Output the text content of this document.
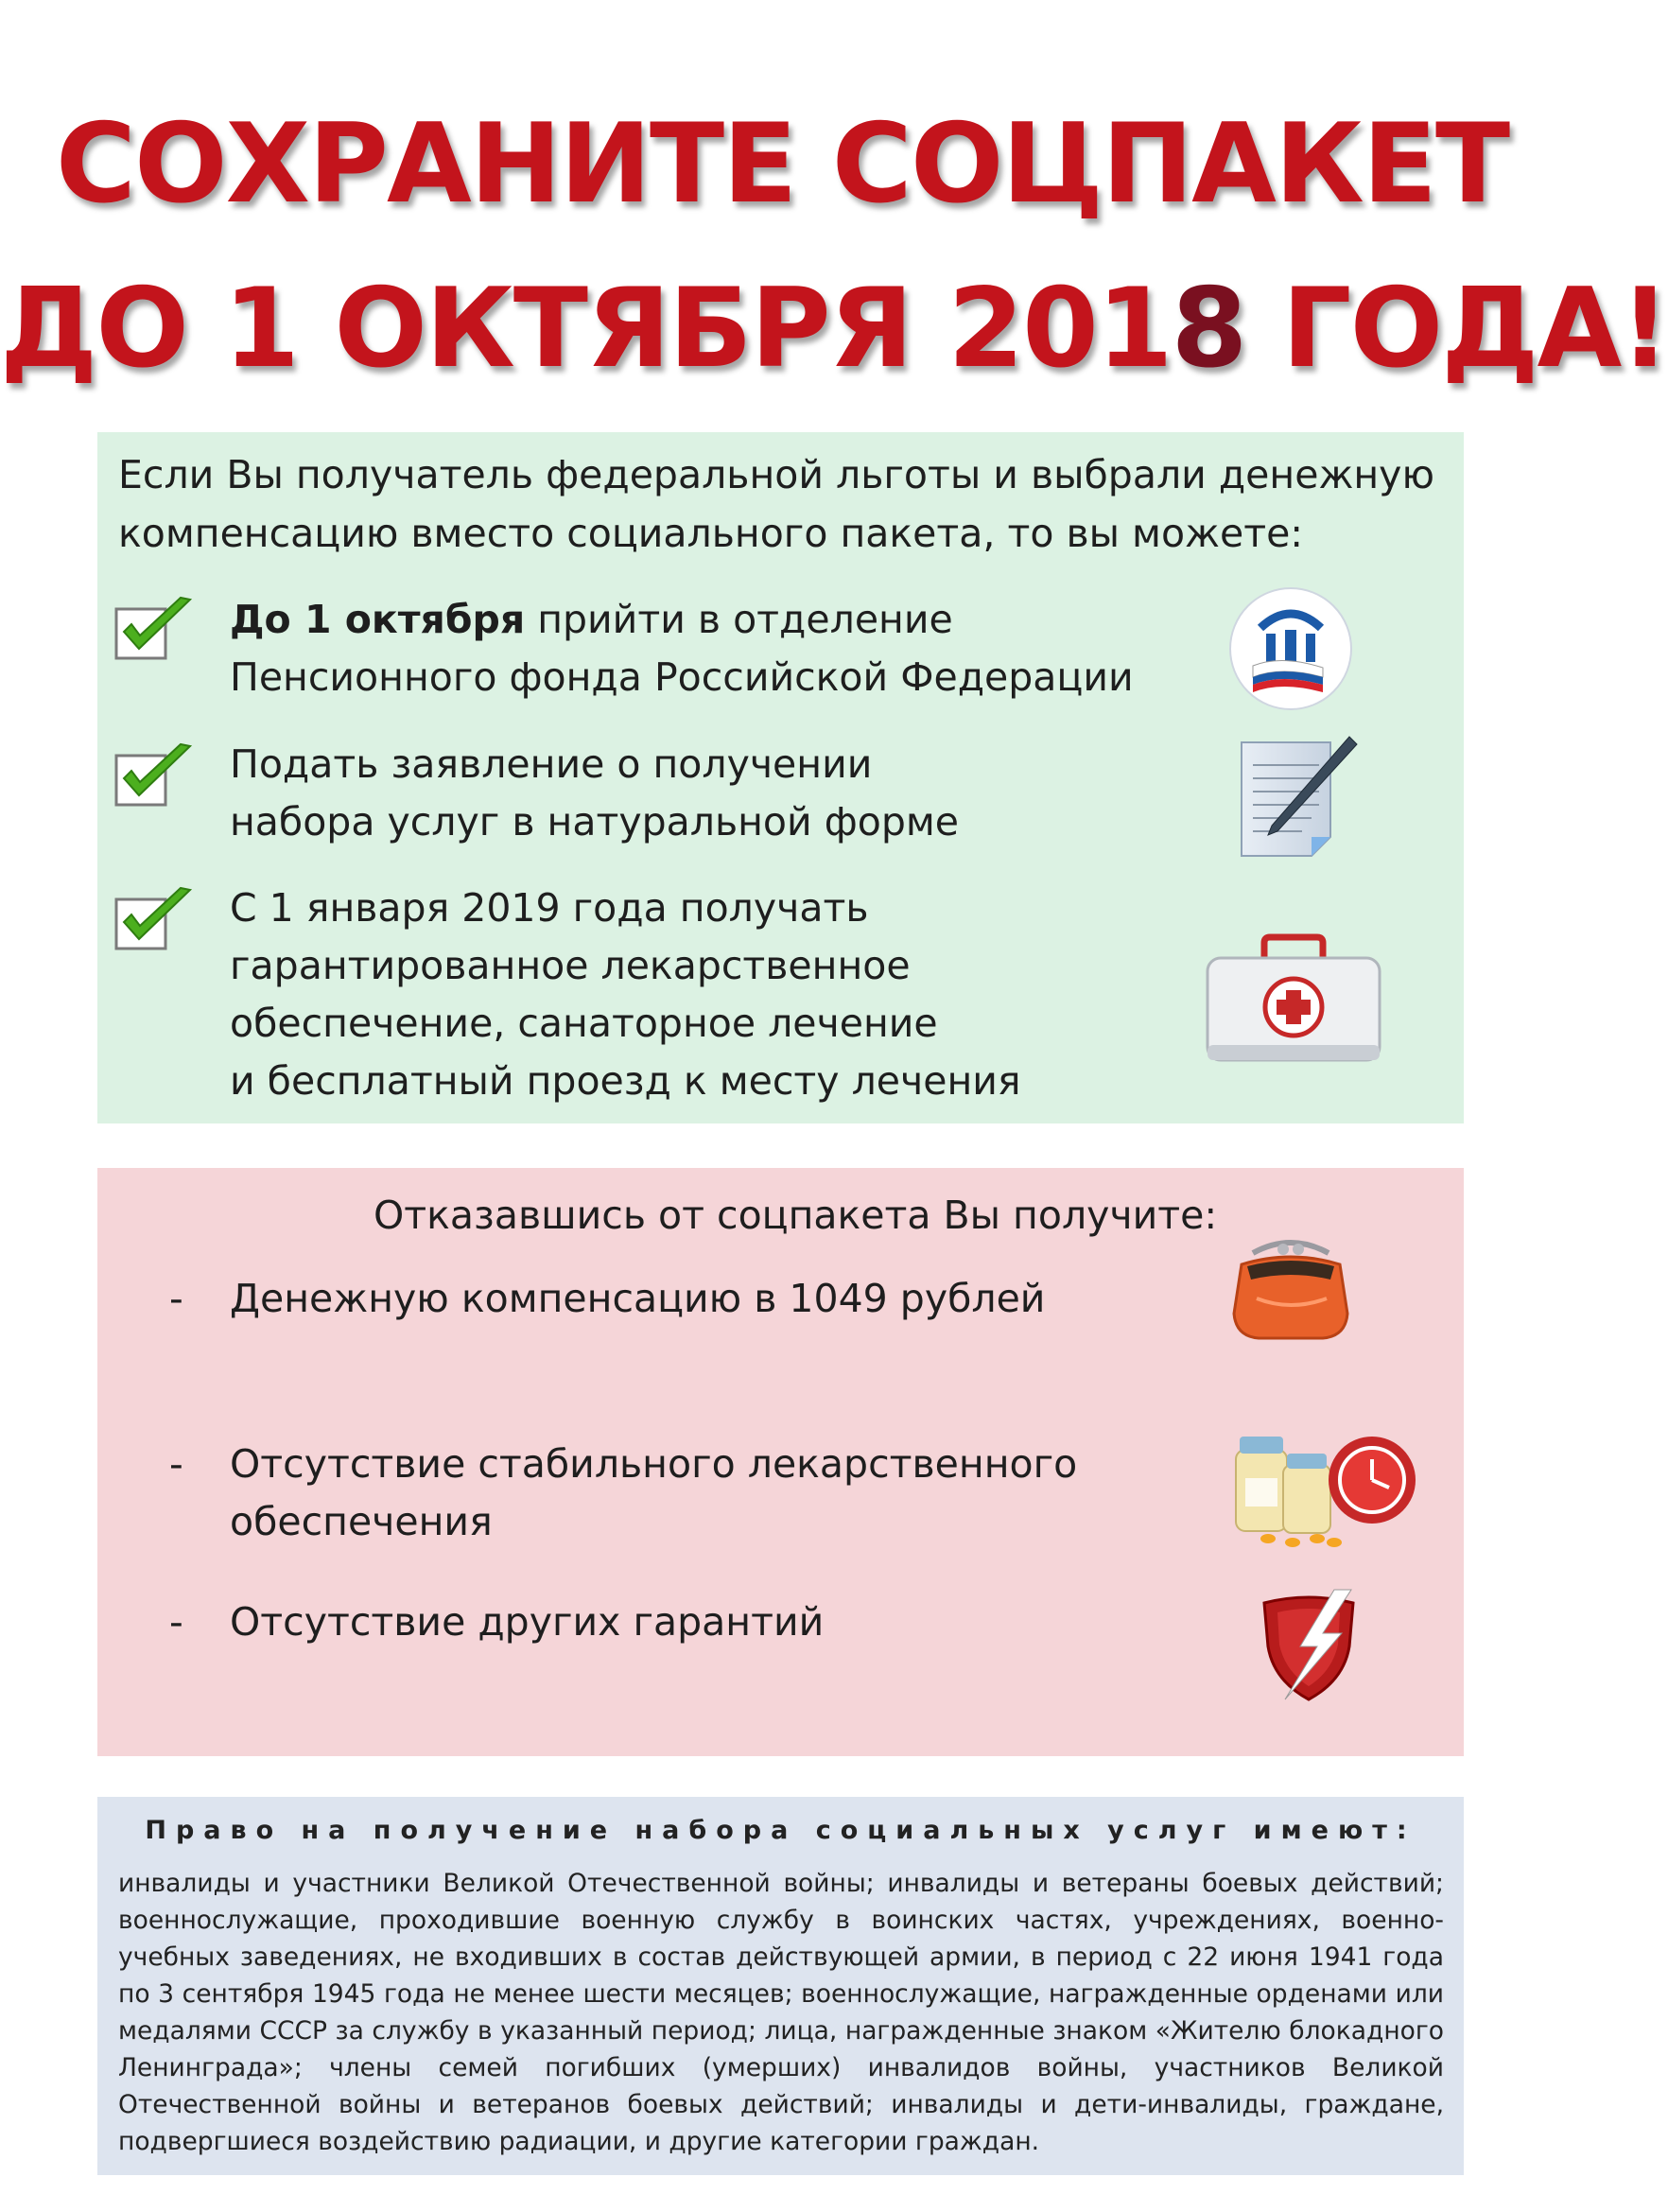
СОХРАНИТЕ СОЦПАКЕТ
ДО 1 ОКТЯБРЯ 2018 ГОДА!
Если Вы получатель федеральной льготы и выбрали денежную
компенсацию вместо социального пакета, то вы можете:
До 1 октября прийти в отделение
Пенсионного фонда Российской Федерации
Подать заявление о получении
набора услуг в натуральной форме
С 1 января 2019 года получать
гарантированное лекарственное
обеспечение, санаторное лечение
и бесплатный проезд к месту лечения
Отказавшись от соцпакета Вы получите:
- Денежную компенсацию в 1049 рублей
- Отсутствие стабильного лекарственного
обеспечения
- Отсутствие других гарантий
Право на получение набора социальных услуг имеют:
инвалиды и участники Великой Отечественной войны; инвалиды и ветераны боевых действий; военнослужащие, проходившие военную службу в воинских частях, учреждениях, военно-учебных заведениях, не входивших в состав действующей армии, в период с 22 июня 1941 года по 3 сентября 1945 года не менее шести месяцев; военнослужащие, награжденные орденами или медалями СССР за службу в указанный период; лица, награжденные знаком «Жителю блокадного Ленинграда»; члены семей погибших (умерших) инвалидов войны, участников Великой Отечественной войны и ветеранов боевых действий; инвалиды и дети-инвалиды, граждане, подвергшиеся воздействию радиации, и другие категории граждан.
